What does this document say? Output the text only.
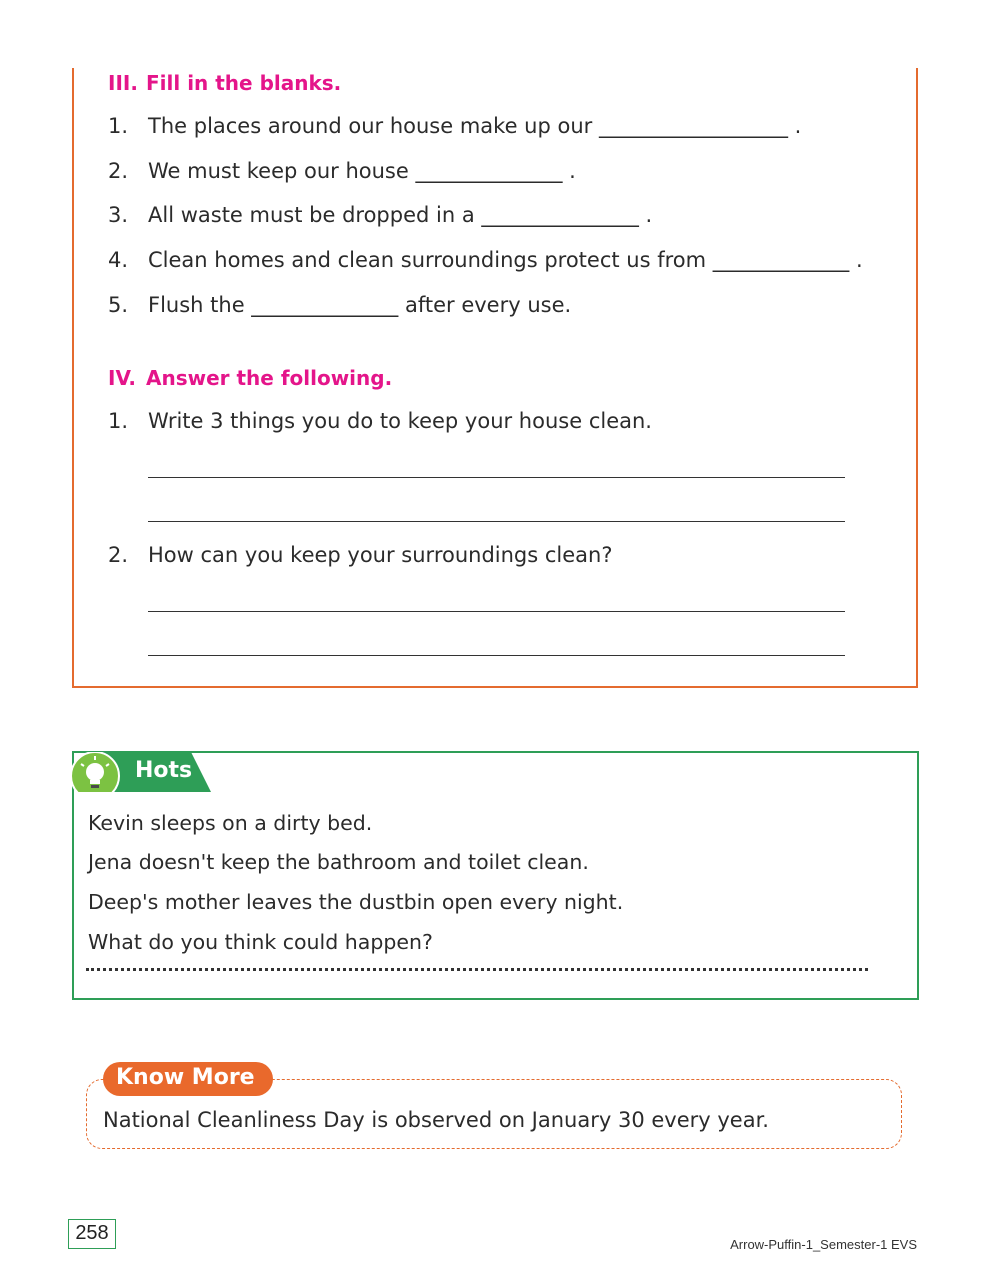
III. Fill in the blanks.
1. The places around our house make up our __________________ .
2. We must keep our house ______________ .
3. All waste must be dropped in a _______________ .
4. Clean homes and clean surroundings protect us from _____________ .
5. Flush the ______________ after every use.
IV. Answer the following.
1. Write 3 things you do to keep your house clean.
2. How can you keep your surroundings clean?
Hots
Kevin sleeps on a dirty bed.
Jena doesn't keep the bathroom and toilet clean.
Deep's mother leaves the dustbin open every night.
What do you think could happen?
Know More
National Cleanliness Day is observed on January 30 every year.
258
Arrow-Puffin-1_Semester-1 EVS
